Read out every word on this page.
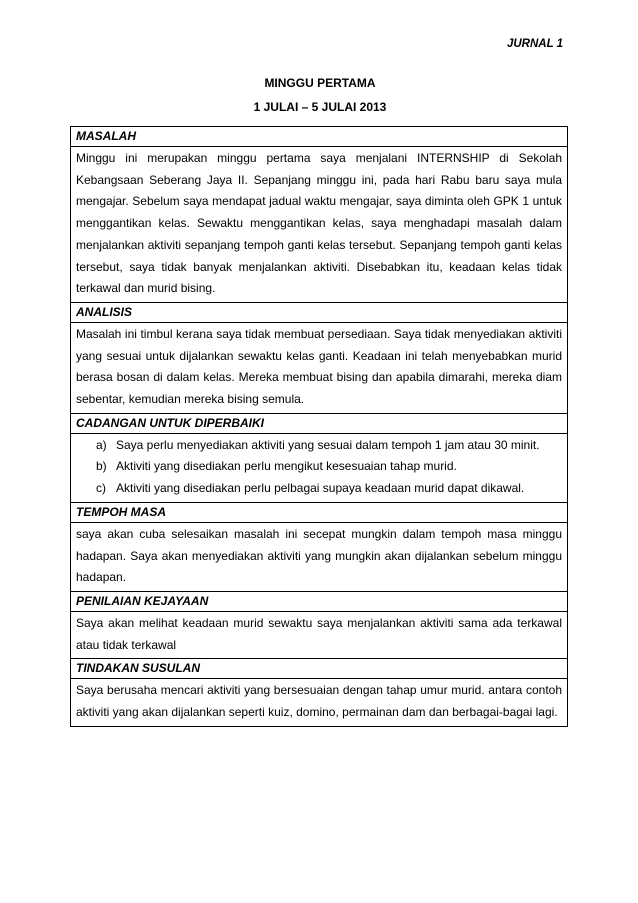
JURNAL 1
MINGGU PERTAMA
1 JULAI – 5 JULAI 2013
MASALAH

Minggu ini merupakan minggu pertama saya menjalani INTERNSHIP di Sekolah Kebangsaan Seberang Jaya II. Sepanjang minggu ini, pada hari Rabu baru saya mula mengajar. Sebelum saya mendapat jadual waktu mengajar, saya diminta oleh GPK 1 untuk menggantikan kelas. Sewaktu menggantikan kelas, saya menghadapi masalah dalam menjalankan aktiviti sepanjang tempoh ganti kelas tersebut. Sepanjang tempoh ganti kelas tersebut, saya tidak banyak menjalankan aktiviti. Disebabkan itu, keadaan kelas tidak terkawal dan murid bising.

ANALISIS

Masalah ini timbul kerana saya tidak membuat persediaan. Saya tidak menyediakan aktiviti yang sesuai untuk dijalankan sewaktu kelas ganti. Keadaan ini telah menyebabkan murid berasa bosan di dalam kelas. Mereka membuat bising dan apabila dimarahi, mereka diam sebentar, kemudian mereka bising semula.

CADANGAN UNTUK DIPERBAIKI

a) Saya perlu menyediakan aktiviti yang sesuai dalam tempoh 1 jam atau 30 minit.
b) Aktiviti yang disediakan perlu mengikut kesesuaian tahap murid.
c) Aktiviti yang disediakan perlu pelbagai supaya keadaan murid dapat dikawal.

TEMPOH MASA

saya akan cuba selesaikan masalah ini secepat mungkin dalam tempoh masa minggu hadapan. Saya akan menyediakan aktiviti yang mungkin akan dijalankan sebelum minggu hadapan.

PENILAIAN KEJAYAAN

Saya akan melihat keadaan murid sewaktu saya menjalankan aktiviti sama ada terkawal atau tidak terkawal

TINDAKAN SUSULAN

Saya berusaha mencari aktiviti yang bersesuaian dengan tahap umur murid. antara contoh aktiviti yang akan dijalankan seperti kuiz, domino, permainan dam dan berbagai-bagai lagi.
